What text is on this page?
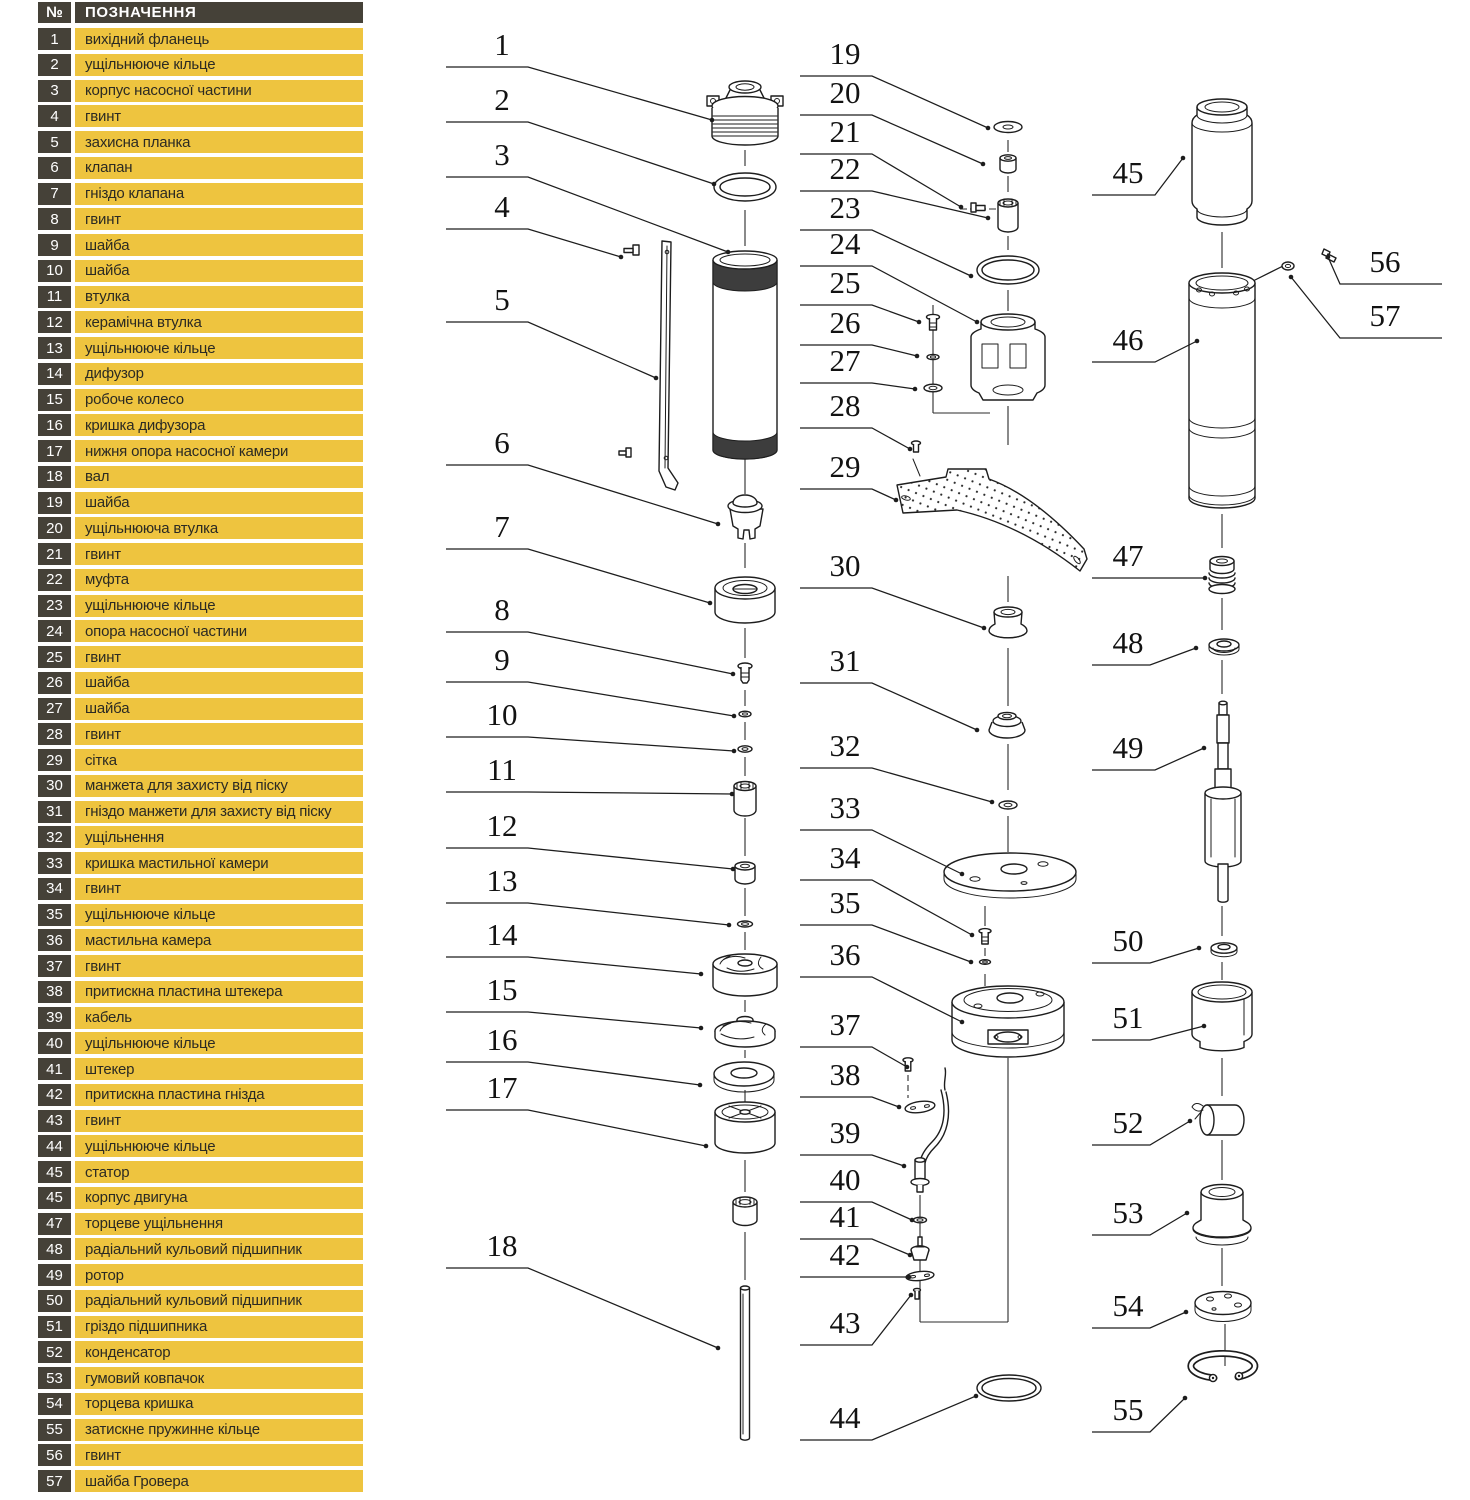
№	ПОЗНАЧЕННЯ
1	вихідний фланець
2	ущільнююче кільце
3	корпус насосної частини
4	гвинт
5	захисна планка
6	клапан
7	гніздо клапана
8	гвинт
9	шайба
10	шайба
11	втулка
12	керамічна втулка
13	ущільнююче кільце
14	дифузор
15	робоче колесо
16	кришка дифузора
17	нижня опора насосної камери
18	вал
19	шайба
20	ущільнююча втулка
21	гвинт
22	муфта
23	ущільнююче кільце
24	опора насосної частини
25	гвинт
26	шайба
27	шайба
28	гвинт
29	сітка
30	манжета для захисту від піску
31	гніздо манжети для захисту від піску
32	ущільнення
33	кришка мастильної камери
34	гвинт
35	ущільнююче кільце
36	мастильна камера
37	гвинт
38	притискна пластина штекера
39	кабель
40	ущільнююче кільце
41	штекер
42	притискна пластина гнізда
43	гвинт
44	ущільнююче кільце
45	статор
45	корпус двигуна
47	торцеве ущільнення
48	радіальний кульовий підшипник
49	ротор
50	радіальний кульовий підшипник
51	гріздо підшипника
52	конденсатор
53	гумовий ковпачок
54	торцева кришка
55	затискне пружинне кільце
56	гвинт
57	шайба Гровера
1
2
3
4
5
6
7
8
9
10
11
12
13
14
15
16
17
18
19
20
21
22
23
24
25
26
27
28
29
30
31
32
33
34
35
36
37
38
39
40
41
42
43
44
45
46
47
48
49
50
51
52
53
54
55
56
57
